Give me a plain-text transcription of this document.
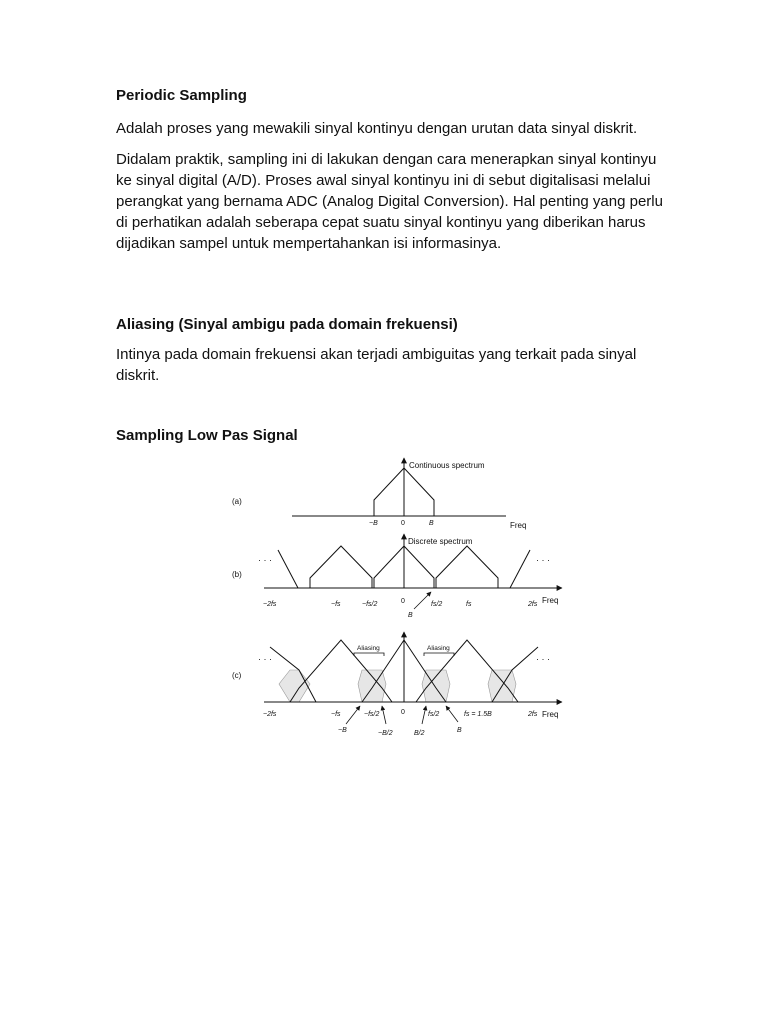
Periodic Sampling

Adalah proses yang mewakili sinyal kontinyu dengan urutan data sinyal diskrit.

Didalam praktik, sampling ini di lakukan dengan cara menerapkan sinyal kontinyu ke sinyal digital (A/D). Proses awal sinyal kontinyu ini di sebut digitalisasi melalui perangkat yang bernama ADC (Analog Digital Conversion). Hal penting yang perlu di perhatikan adalah seberapa cepat suatu sinyal kontinyu yang diberikan harus dijadikan sampel untuk mempertahankan isi informasinya.

Aliasing (Sinyal ambigu pada domain frekuensi)

Intinya pada domain frekuensi akan terjadi ambiguitas yang terkait pada sinyal diskrit.

Sampling Low Pas Signal

(a)
Continuous spectrum
Freq
−B	0	B
(b)
Discrete spectrum
· · ·	· · ·
Freq
−2fs	−fs	−fs/2	0	fs/2	fs	2fs
B
(c)
· · ·	· · ·
Aliasing	Aliasing
Freq
−2fs	−fs	−fs/2	0	fs/2	fs = 1.5B	2fs
−B	−B/2	B/2	B
